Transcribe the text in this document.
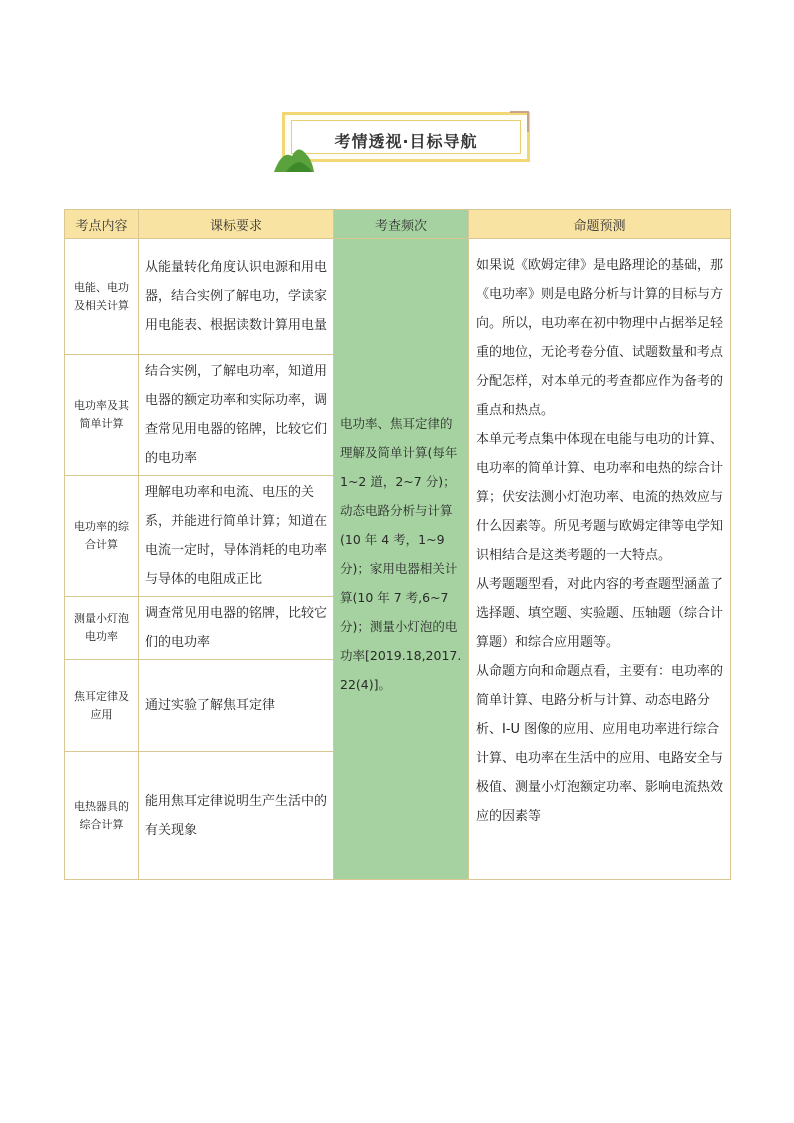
考情透视·目标导航
考点内容	课标要求	考查频次	命题预测
电能、电功及相关计算	从能量转化角度认识电源和用电器，结合实例了解电功，学读家用电能表、根据读数计算用电量	电功率、焦耳定律的理解及简单计算(每年 1~2 道，2~7 分)；动态电路分析与计算(10 年 4 考，1~9 分)；家用电器相关计算(10 年 7 考,6~7 分)；测量小灯泡的电功率[2019.18,2017.22(4)]。	如果说《欧姆定律》是电路理论的基础，那《电功率》则是电路分析与计算的目标与方向。所以，电功率在初中物理中占据举足轻重的地位，无论考卷分值、试题数量和考点分配怎样，对本单元的考查都应作为备考的重点和热点。

本单元考点集中体现在电能与电功的计算、电功率的简单计算、电功率和电热的综合计算；伏安法测小灯泡功率、电流的热效应与什么因素等。所见考题与欧姆定律等电学知识相结合是这类考题的一大特点。

从考题题型看，对此内容的考查题型涵盖了选择题、填空题、实验题、压轴题（综合计算题）和综合应用题等。

从命题方向和命题点看，主要有：电功率的简单计算、电路分析与计算、动态电路分析、I-U 图像的应用、应用电功率进行综合计算、电功率在生活中的应用、电路安全与极值、测量小灯泡额定功率、影响电流热效应的因素等

电功率及其简单计算	结合实例，了解电功率，知道用电器的额定功率和实际功率，调查常见用电器的铭牌，比较它们的电功率		
电功率的综合计算	理解电功率和电流、电压的关系，并能进行简单计算；知道在电流一定时，导体消耗的电功率与导体的电阻成正比		
测量小灯泡电功率	调查常见用电器的铭牌，比较它们的电功率		
焦耳定律及应用	通过实验了解焦耳定律		
电热器具的综合计算	能用焦耳定律说明生产生活中的有关现象		
